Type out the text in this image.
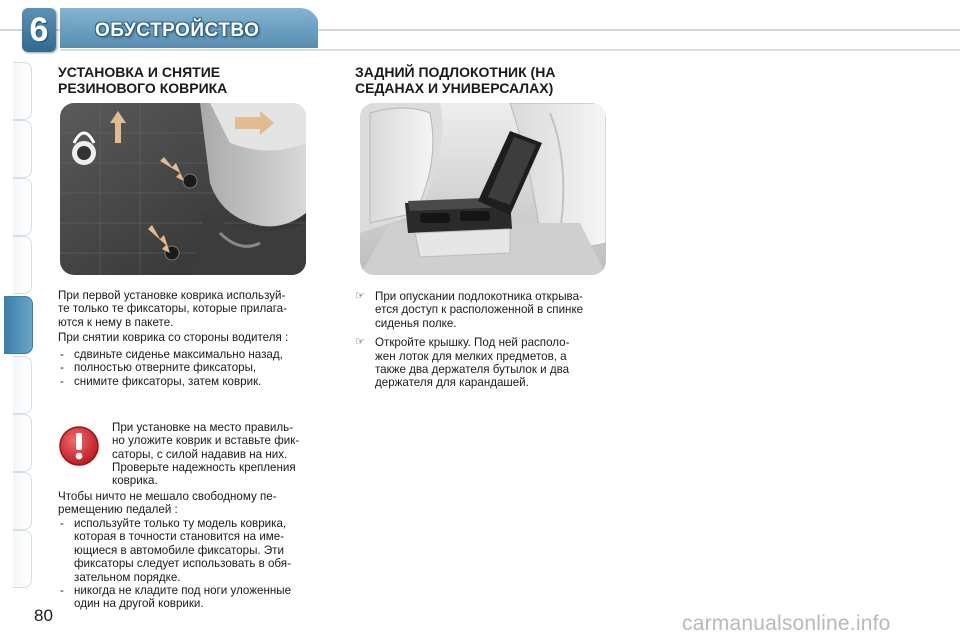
6	ОБУСТРОЙСТВО
УСТАНОВКА И СНЯТИЕ
РЕЗИНОВОГО КОВРИКА

При первой установке коврика используй-
те только те фиксаторы, которые прилага-
ются к нему в пакете.

При снятии коврика со стороны водителя :

- сдвиньте сиденье максимально назад,
- полностью отверните фиксаторы,
- снимите фиксаторы, затем коврик.

При установке на место правиль-
но уложите коврик и вставьте фик-
саторы, с силой надавив на них.

Проверьте надежность крепления
коврика.

Чтобы ничто не мешало свободному пе-
ремещению педалей :

- используйте только ту модель коврика,
которая в точности становится на име-
ющиеся в автомобиле фиксаторы. Эти
фиксаторы следует использовать в обя-
зательном порядке.
- никогда не кладите под ноги уложенные
один на другой коврики.
ЗАДНИЙ ПОДЛОКОТНИК (НА
СЕДАНАХ И УНИВЕРСАЛАХ)
☞ При опускании подлокотника открыва-
ется доступ к расположенной в спинке
сиденья полке.
☞ Откройте крышку. Под ней располо-
жен лоток для мелких предметов, а
также два держателя бутылок и два
держателя для карандашей.
80	carmanualsonline.info
